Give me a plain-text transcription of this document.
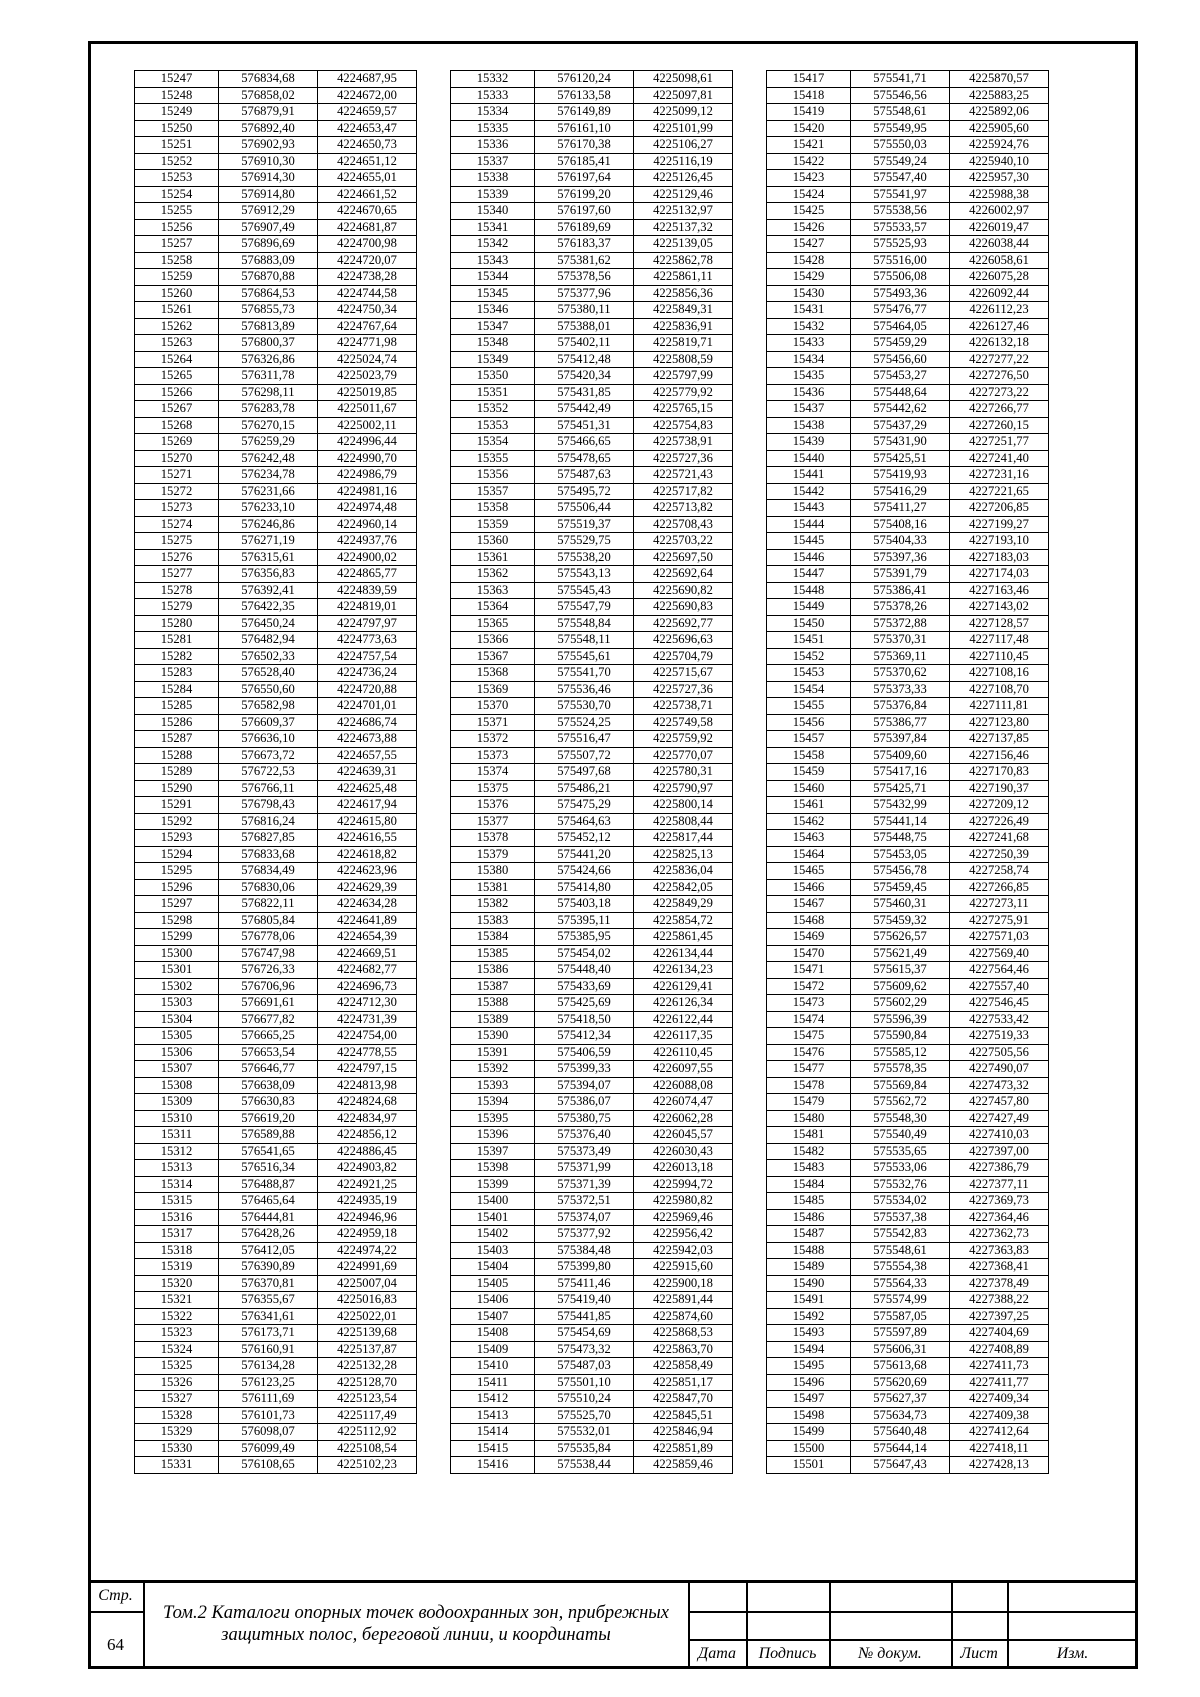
15247	576834,68	4224687,95
15248	576858,02	4224672,00
15249	576879,91	4224659,57
15250	576892,40	4224653,47
15251	576902,93	4224650,73
15252	576910,30	4224651,12
15253	576914,30	4224655,01
15254	576914,80	4224661,52
15255	576912,29	4224670,65
15256	576907,49	4224681,87
15257	576896,69	4224700,98
15258	576883,09	4224720,07
15259	576870,88	4224738,28
15260	576864,53	4224744,58
15261	576855,73	4224750,34
15262	576813,89	4224767,64
15263	576800,37	4224771,98
15264	576326,86	4225024,74
15265	576311,78	4225023,79
15266	576298,11	4225019,85
15267	576283,78	4225011,67
15268	576270,15	4225002,11
15269	576259,29	4224996,44
15270	576242,48	4224990,70
15271	576234,78	4224986,79
15272	576231,66	4224981,16
15273	576233,10	4224974,48
15274	576246,86	4224960,14
15275	576271,19	4224937,76
15276	576315,61	4224900,02
15277	576356,83	4224865,77
15278	576392,41	4224839,59
15279	576422,35	4224819,01
15280	576450,24	4224797,97
15281	576482,94	4224773,63
15282	576502,33	4224757,54
15283	576528,40	4224736,24
15284	576550,60	4224720,88
15285	576582,98	4224701,01
15286	576609,37	4224686,74
15287	576636,10	4224673,88
15288	576673,72	4224657,55
15289	576722,53	4224639,31
15290	576766,11	4224625,48
15291	576798,43	4224617,94
15292	576816,24	4224615,80
15293	576827,85	4224616,55
15294	576833,68	4224618,82
15295	576834,49	4224623,96
15296	576830,06	4224629,39
15297	576822,11	4224634,28
15298	576805,84	4224641,89
15299	576778,06	4224654,39
15300	576747,98	4224669,51
15301	576726,33	4224682,77
15302	576706,96	4224696,73
15303	576691,61	4224712,30
15304	576677,82	4224731,39
15305	576665,25	4224754,00
15306	576653,54	4224778,55
15307	576646,77	4224797,15
15308	576638,09	4224813,98
15309	576630,83	4224824,68
15310	576619,20	4224834,97
15311	576589,88	4224856,12
15312	576541,65	4224886,45
15313	576516,34	4224903,82
15314	576488,87	4224921,25
15315	576465,64	4224935,19
15316	576444,81	4224946,96
15317	576428,26	4224959,18
15318	576412,05	4224974,22
15319	576390,89	4224991,69
15320	576370,81	4225007,04
15321	576355,67	4225016,83
15322	576341,61	4225022,01
15323	576173,71	4225139,68
15324	576160,91	4225137,87
15325	576134,28	4225132,28
15326	576123,25	4225128,70
15327	576111,69	4225123,54
15328	576101,73	4225117,49
15329	576098,07	4225112,92
15330	576099,49	4225108,54
15331	576108,65	4225102,23
15332	576120,24	4225098,61
15333	576133,58	4225097,81
15334	576149,89	4225099,12
15335	576161,10	4225101,99
15336	576170,38	4225106,27
15337	576185,41	4225116,19
15338	576197,64	4225126,45
15339	576199,20	4225129,46
15340	576197,60	4225132,97
15341	576189,69	4225137,32
15342	576183,37	4225139,05
15343	575381,62	4225862,78
15344	575378,56	4225861,11
15345	575377,96	4225856,36
15346	575380,11	4225849,31
15347	575388,01	4225836,91
15348	575402,11	4225819,71
15349	575412,48	4225808,59
15350	575420,34	4225797,99
15351	575431,85	4225779,92
15352	575442,49	4225765,15
15353	575451,31	4225754,83
15354	575466,65	4225738,91
15355	575478,65	4225727,36
15356	575487,63	4225721,43
15357	575495,72	4225717,82
15358	575506,44	4225713,82
15359	575519,37	4225708,43
15360	575529,75	4225703,22
15361	575538,20	4225697,50
15362	575543,13	4225692,64
15363	575545,43	4225690,82
15364	575547,79	4225690,83
15365	575548,84	4225692,77
15366	575548,11	4225696,63
15367	575545,61	4225704,79
15368	575541,70	4225715,67
15369	575536,46	4225727,36
15370	575530,70	4225738,71
15371	575524,25	4225749,58
15372	575516,47	4225759,92
15373	575507,72	4225770,07
15374	575497,68	4225780,31
15375	575486,21	4225790,97
15376	575475,29	4225800,14
15377	575464,63	4225808,44
15378	575452,12	4225817,44
15379	575441,20	4225825,13
15380	575424,66	4225836,04
15381	575414,80	4225842,05
15382	575403,18	4225849,29
15383	575395,11	4225854,72
15384	575385,95	4225861,45
15385	575454,02	4226134,44
15386	575448,40	4226134,23
15387	575433,69	4226129,41
15388	575425,69	4226126,34
15389	575418,50	4226122,44
15390	575412,34	4226117,35
15391	575406,59	4226110,45
15392	575399,33	4226097,55
15393	575394,07	4226088,08
15394	575386,07	4226074,47
15395	575380,75	4226062,28
15396	575376,40	4226045,57
15397	575373,49	4226030,43
15398	575371,99	4226013,18
15399	575371,39	4225994,72
15400	575372,51	4225980,82
15401	575374,07	4225969,46
15402	575377,92	4225956,42
15403	575384,48	4225942,03
15404	575399,80	4225915,60
15405	575411,46	4225900,18
15406	575419,40	4225891,44
15407	575441,85	4225874,60
15408	575454,69	4225868,53
15409	575473,32	4225863,70
15410	575487,03	4225858,49
15411	575501,10	4225851,17
15412	575510,24	4225847,70
15413	575525,70	4225845,51
15414	575532,01	4225846,94
15415	575535,84	4225851,89
15416	575538,44	4225859,46
15417	575541,71	4225870,57
15418	575546,56	4225883,25
15419	575548,61	4225892,06
15420	575549,95	4225905,60
15421	575550,03	4225924,76
15422	575549,24	4225940,10
15423	575547,40	4225957,30
15424	575541,97	4225988,38
15425	575538,56	4226002,97
15426	575533,57	4226019,47
15427	575525,93	4226038,44
15428	575516,00	4226058,61
15429	575506,08	4226075,28
15430	575493,36	4226092,44
15431	575476,77	4226112,23
15432	575464,05	4226127,46
15433	575459,29	4226132,18
15434	575456,60	4227277,22
15435	575453,27	4227276,50
15436	575448,64	4227273,22
15437	575442,62	4227266,77
15438	575437,29	4227260,15
15439	575431,90	4227251,77
15440	575425,51	4227241,40
15441	575419,93	4227231,16
15442	575416,29	4227221,65
15443	575411,27	4227206,85
15444	575408,16	4227199,27
15445	575404,33	4227193,10
15446	575397,36	4227183,03
15447	575391,79	4227174,03
15448	575386,41	4227163,46
15449	575378,26	4227143,02
15450	575372,88	4227128,57
15451	575370,31	4227117,48
15452	575369,11	4227110,45
15453	575370,62	4227108,16
15454	575373,33	4227108,70
15455	575376,84	4227111,81
15456	575386,77	4227123,80
15457	575397,84	4227137,85
15458	575409,60	4227156,46
15459	575417,16	4227170,83
15460	575425,71	4227190,37
15461	575432,99	4227209,12
15462	575441,14	4227226,49
15463	575448,75	4227241,68
15464	575453,05	4227250,39
15465	575456,78	4227258,74
15466	575459,45	4227266,85
15467	575460,31	4227273,11
15468	575459,32	4227275,91
15469	575626,57	4227571,03
15470	575621,49	4227569,40
15471	575615,37	4227564,46
15472	575609,62	4227557,40
15473	575602,29	4227546,45
15474	575596,39	4227533,42
15475	575590,84	4227519,33
15476	575585,12	4227505,56
15477	575578,35	4227490,07
15478	575569,84	4227473,32
15479	575562,72	4227457,80
15480	575548,30	4227427,49
15481	575540,49	4227410,03
15482	575535,65	4227397,00
15483	575533,06	4227386,79
15484	575532,76	4227377,11
15485	575534,02	4227369,73
15486	575537,38	4227364,46
15487	575542,83	4227362,73
15488	575548,61	4227363,83
15489	575554,38	4227368,41
15490	575564,33	4227378,49
15491	575574,99	4227388,22
15492	575587,05	4227397,25
15493	575597,89	4227404,69
15494	575606,31	4227408,89
15495	575613,68	4227411,73
15496	575620,69	4227411,77
15497	575627,37	4227409,34
15498	575634,73	4227409,38
15499	575640,48	4227412,64
15500	575644,14	4227418,11
15501	575647,43	4227428,13
Стр.
64
Том.2 Каталоги опорных точек водоохранных зон, прибрежных
защитных полос, береговой линии, и координаты
Дата	Подпись	№ докум.	Лист	Изм.
